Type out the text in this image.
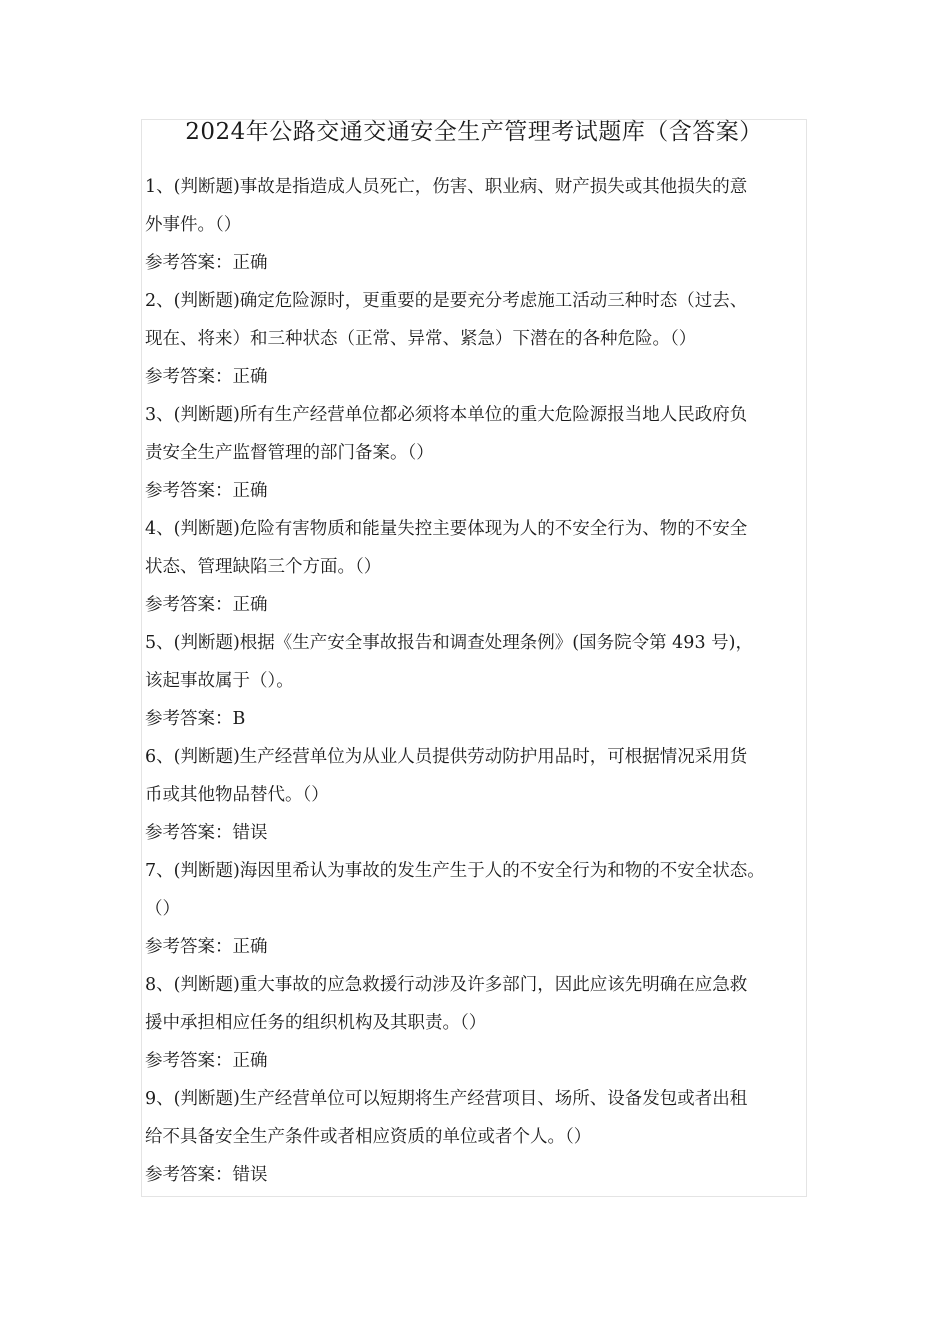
2024年公路交通交通安全生产管理考试题库（含答案）
1、(判断题)事故是指造成人员死亡，伤害、职业病、财产损失或其他损失的意
外事件。（）
参考答案：正确
2、(判断题)确定危险源时，更重要的是要充分考虑施工活动三种时态（过去、
现在、将来）和三种状态（正常、异常、紧急）下潜在的各种危险。（）
参考答案：正确
3、(判断题)所有生产经营单位都必须将本单位的重大危险源报当地人民政府负
责安全生产监督管理的部门备案。（）
参考答案：正确
4、(判断题)危险有害物质和能量失控主要体现为人的不安全行为、物的不安全
状态、管理缺陷三个方面。（）
参考答案：正确
5、(判断题)根据《生产安全事故报告和调查处理条例》(国务院令第 493 号)，
该起事故属于（）。
参考答案：B
6、(判断题)生产经营单位为从业人员提供劳动防护用品时，可根据情况采用货
币或其他物品替代。（）
参考答案：错误
7、(判断题)海因里希认为事故的发生产生于人的不安全行为和物的不安全状态。
（）
参考答案：正确
8、(判断题)重大事故的应急救援行动涉及许多部门，因此应该先明确在应急救
援中承担相应任务的组织机构及其职责。（）
参考答案：正确
9、(判断题)生产经营单位可以短期将生产经营项目、场所、设备发包或者出租
给不具备安全生产条件或者相应资质的单位或者个人。（）
参考答案：错误
